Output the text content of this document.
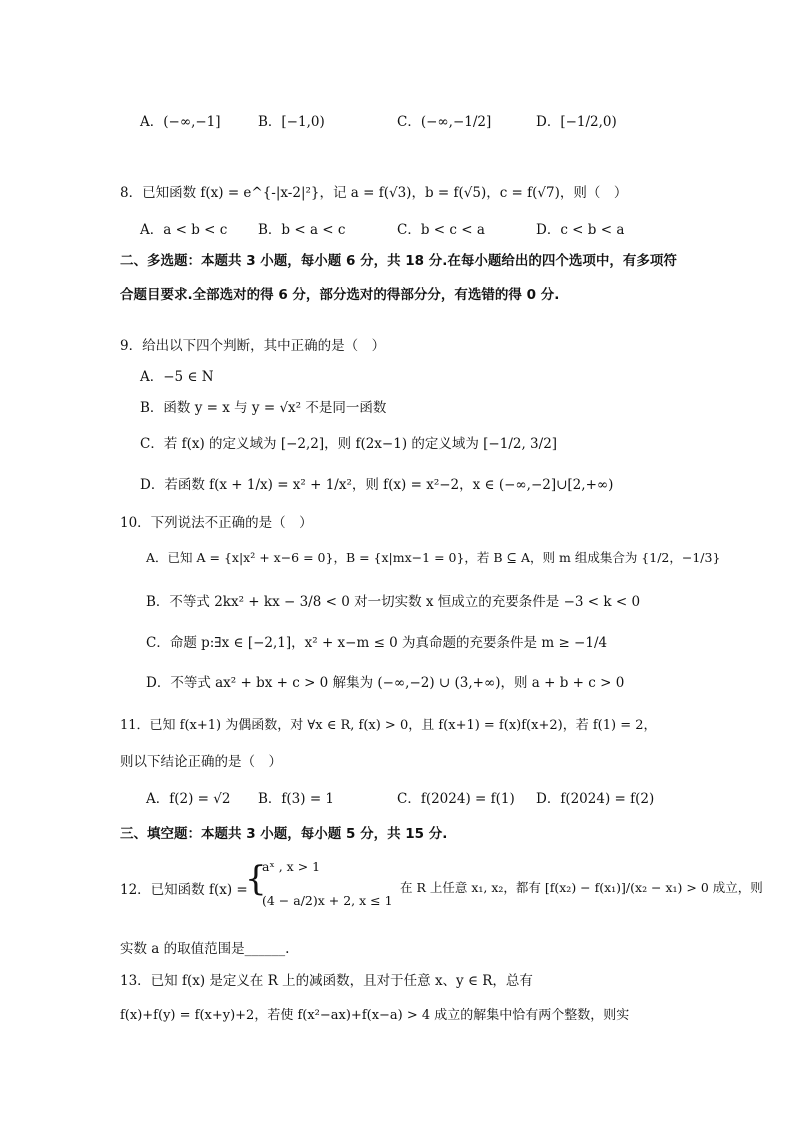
A．(−∞,−1]	B．[−1,0)	C．(−∞,−1/2]	D．[−1/2,0)
8．已知函数 f(x) = e^{-|x-2|²}，记 a = f(√3)，b = f(√5)，c = f(√7)，则（　）
A．a < b < c B．b < a < c	C．b < c < a	D．c < b < a
二、多选题：本题共 3 小题，每小题 6 分，共 18 分.在每小题给出的四个选项中，有多项符
合题目要求.全部选对的得 6 分，部分选对的得部分分，有选错的得 0 分.
9．给出以下四个判断，其中正确的是（　）
A．−5 ∈ N
B．函数 y = x 与 y = √x² 不是同一函数
C．若 f(x) 的定义域为 [−2,2]，则 f(2x−1) 的定义域为 [−1/2, 3/2]
D．若函数 f(x + 1/x) = x² + 1/x²，则 f(x) = x²−2，x ∈ (−∞,−2]∪[2,+∞)
10．下列说法不正确的是（　）
A．已知 A = {x|x² + x−6 = 0}，B = {x|mx−1 = 0}，若 B ⊆ A，则 m 组成集合为 {1/2，−1/3}
B．不等式 2kx² + kx − 3/8 < 0 对一切实数 x 恒成立的充要条件是 −3 < k < 0
C．命题 p:∃x ∈ [−2,1]，x² + x−m ≤ 0 为真命题的充要条件是 m ≥ −1/4
D．不等式 ax² + bx + c > 0 解集为 (−∞,−2) ∪ (3,+∞)，则 a + b + c > 0
11．已知 f(x+1) 为偶函数，对 ∀x ∈ R, f(x) > 0，且 f(x+1) = f(x)f(x+2)，若 f(1) = 2，
则以下结论正确的是（　）
A．f(2) = √2 B．f(3) = 1	C．f(2024) = f(1) D．f(2024) = f(2)
三、填空题：本题共 3 小题，每小题 5 分，共 15 分.
12．已知函数 f(x) =
{
aˣ , x > 1
(4 − a/2)x + 2, x ≤ 1
在 R 上任意 x₁, x₂，都有 [f(x₂) − f(x₁)]/(x₂ − x₁) > 0 成立，则
实数 a 的取值范围是______.
13．已知 f(x) 是定义在 R 上的减函数，且对于任意 x、y ∈ R，总有
f(x)+f(y) = f(x+y)+2，若使 f(x²−ax)+f(x−a) > 4 成立的解集中恰有两个整数，则实
